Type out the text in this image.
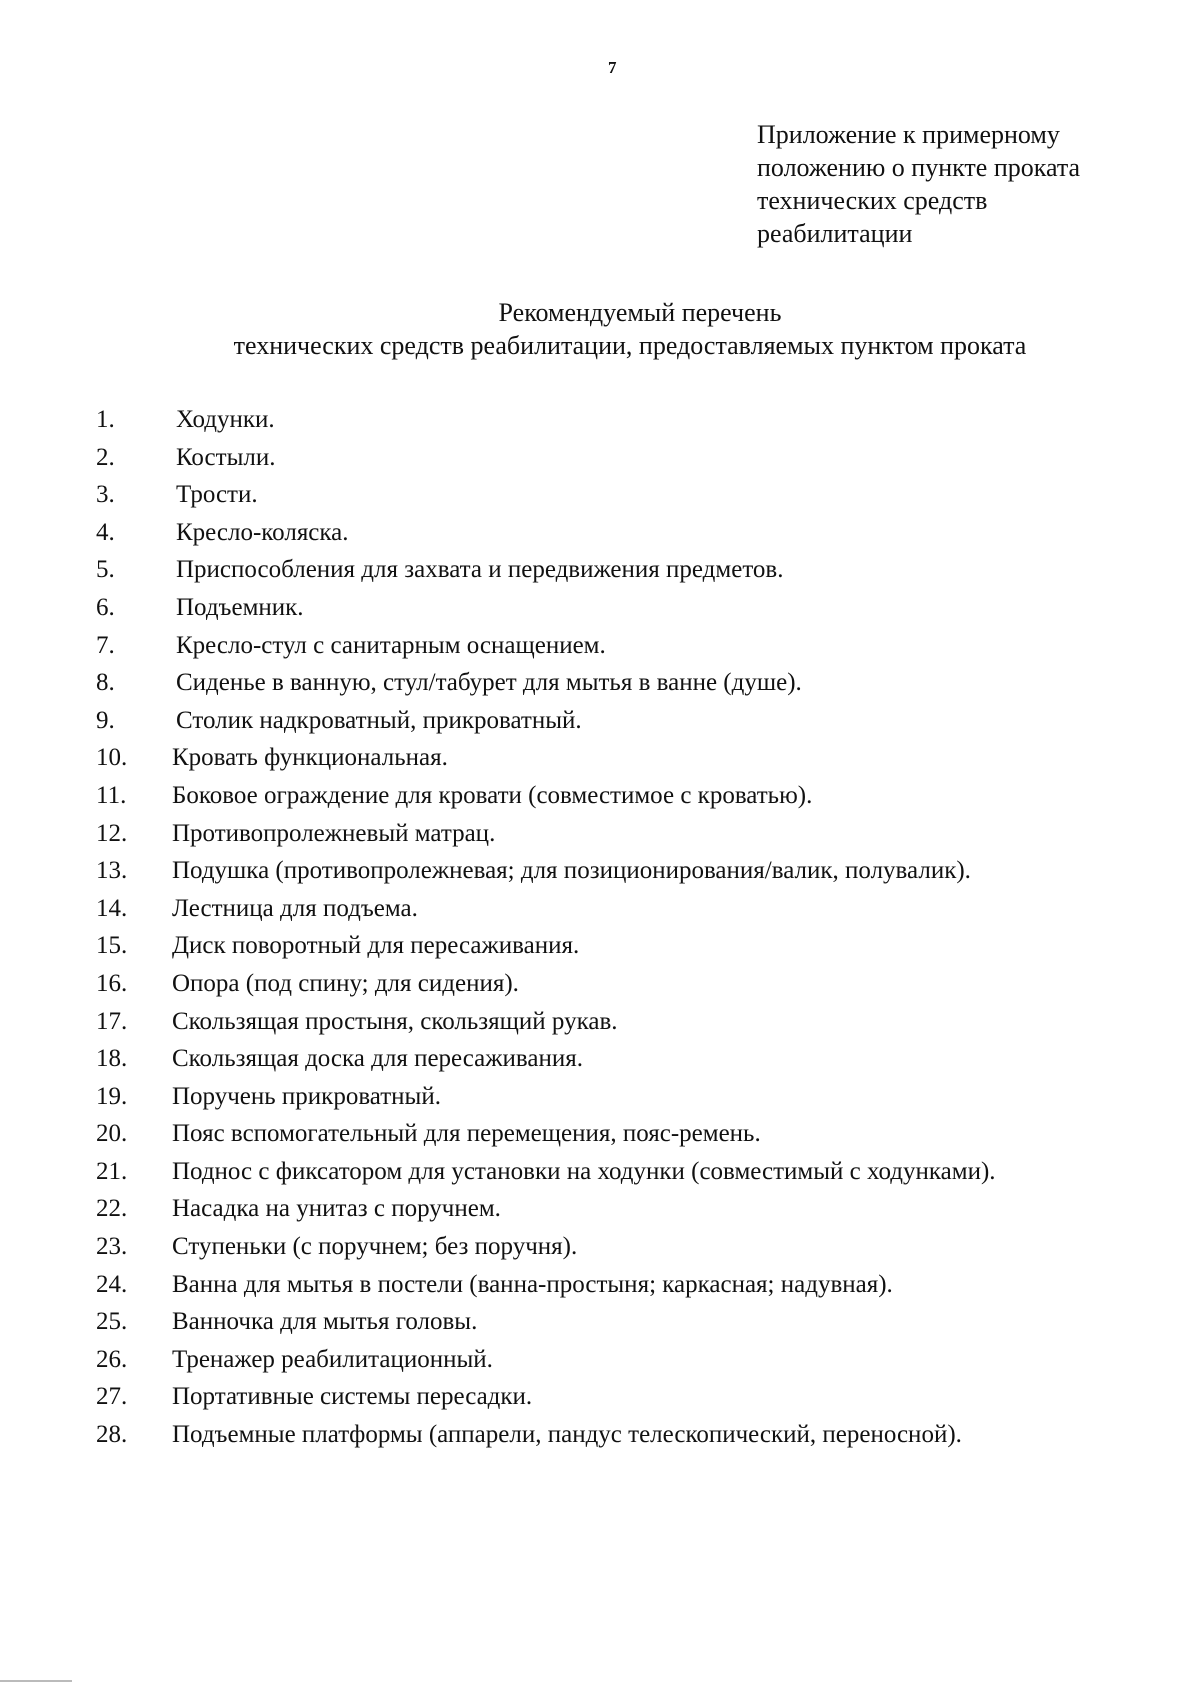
7
Приложение к примерному
положению о пункте проката
технических средств
реабилитации
Рекомендуемый перечень
технических средств реабилитации, предоставляемых пунктом проката
1. Ходунки.
2. Костыли.
3. Трости.
4. Кресло-коляска.
5. Приспособления для захвата и передвижения предметов.
6. Подъемник.
7. Кресло-стул с санитарным оснащением.
8. Сиденье в ванную, стул/табурет для мытья в ванне (душе).
9. Столик надкроватный, прикроватный.
10. Кровать функциональная.
11. Боковое ограждение для кровати (совместимое с кроватью).
12. Противопролежневый матрац.
13. Подушка (противопролежневая; для позиционирования/валик, полувалик).
14. Лестница для подъема.
15. Диск поворотный для пересаживания.
16. Опора (под спину; для сидения).
17. Скользящая простыня, скользящий рукав.
18. Скользящая доска для пересаживания.
19. Поручень прикроватный.
20. Пояс вспомогательный для перемещения, пояс-ремень.
21. Поднос с фиксатором для установки на ходунки (совместимый с ходунками).
22. Насадка на унитаз с поручнем.
23. Ступеньки (с поручнем; без поручня).
24. Ванна для мытья в постели (ванна-простыня; каркасная; надувная).
25. Ванночка для мытья головы.
26. Тренажер реабилитационный.
27. Портативные системы пересадки.
28. Подъемные платформы (аппарели, пандус телескопический, переносной).
